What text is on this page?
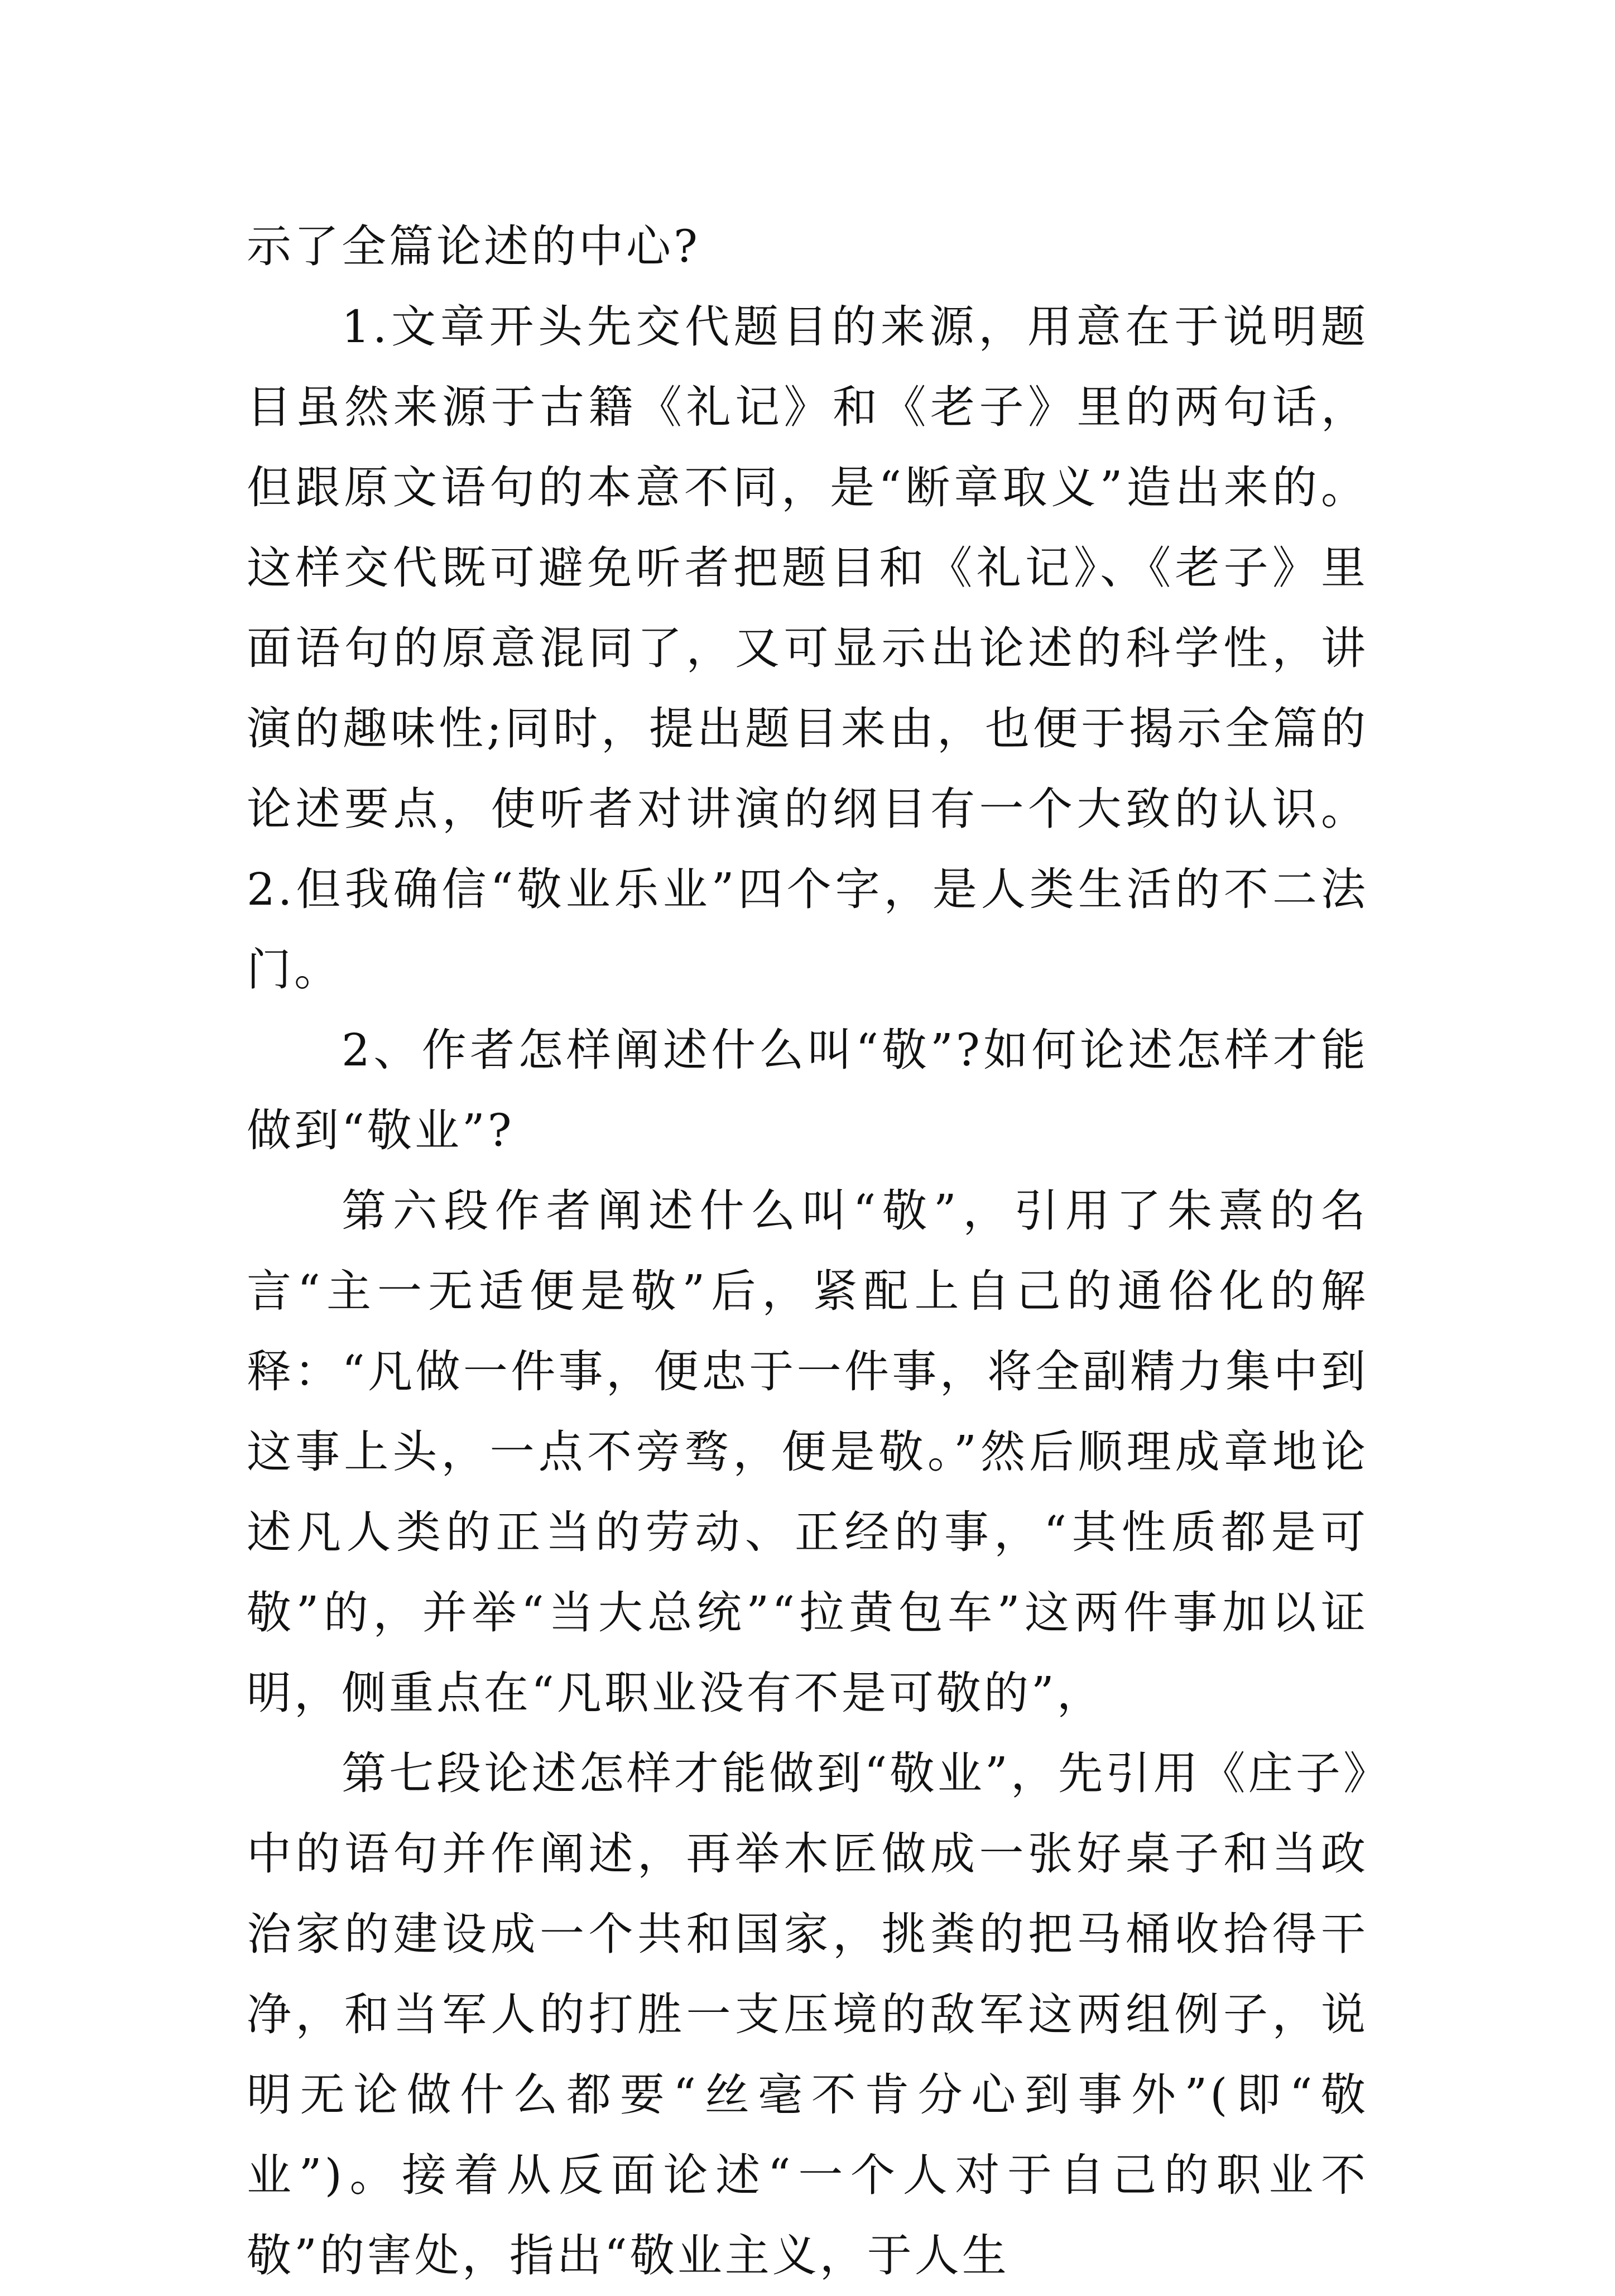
示了全篇论述的中心?

1.文章开头先交代题目的来源，用意在于说明题目虽然来源于古籍《礼记》和《老子》里的两句话，但跟原文语句的本意不同，是“断章取义”造出来的。这样交代既可避免听者把题目和《礼记》、《老子》里面语句的原意混同了，又可显示出论述的科学性，讲演的趣味性;同时，提出题目来由，也便于揭示全篇的论述要点，使听者对讲演的纲目有一个大致的认识。2.但我确信“敬业乐业”四个字，是人类生活的不二法门。

2、作者怎样阐述什么叫“敬”?如何论述怎样才能做到“敬业”?

第六段作者阐述什么叫“敬”，引用了朱熹的名言“主一无适便是敬”后，紧配上自己的通俗化的解释：“凡做一件事，便忠于一件事，将全副精力集中到这事上头，一点不旁骛，便是敬。”然后顺理成章地论述凡人类的正当的劳动、正经的事，“其性质都是可敬”的，并举“当大总统”“拉黄包车”这两件事加以证明，侧重点在“凡职业没有不是可敬的”，

第七段论述怎样才能做到“敬业”，先引用《庄子》中的语句并作阐述，再举木匠做成一张好桌子和当政治家的建设成一个共和国家，挑粪的把马桶收拾得干净，和当军人的打胜一支压境的敌军这两组例子，说明无论做什么都要“丝毫不肯分心到事外”(即“敬业”)。接着从反面论述“一个人对于自己的职业不敬”的害处，指出“敬业主义，于人生
